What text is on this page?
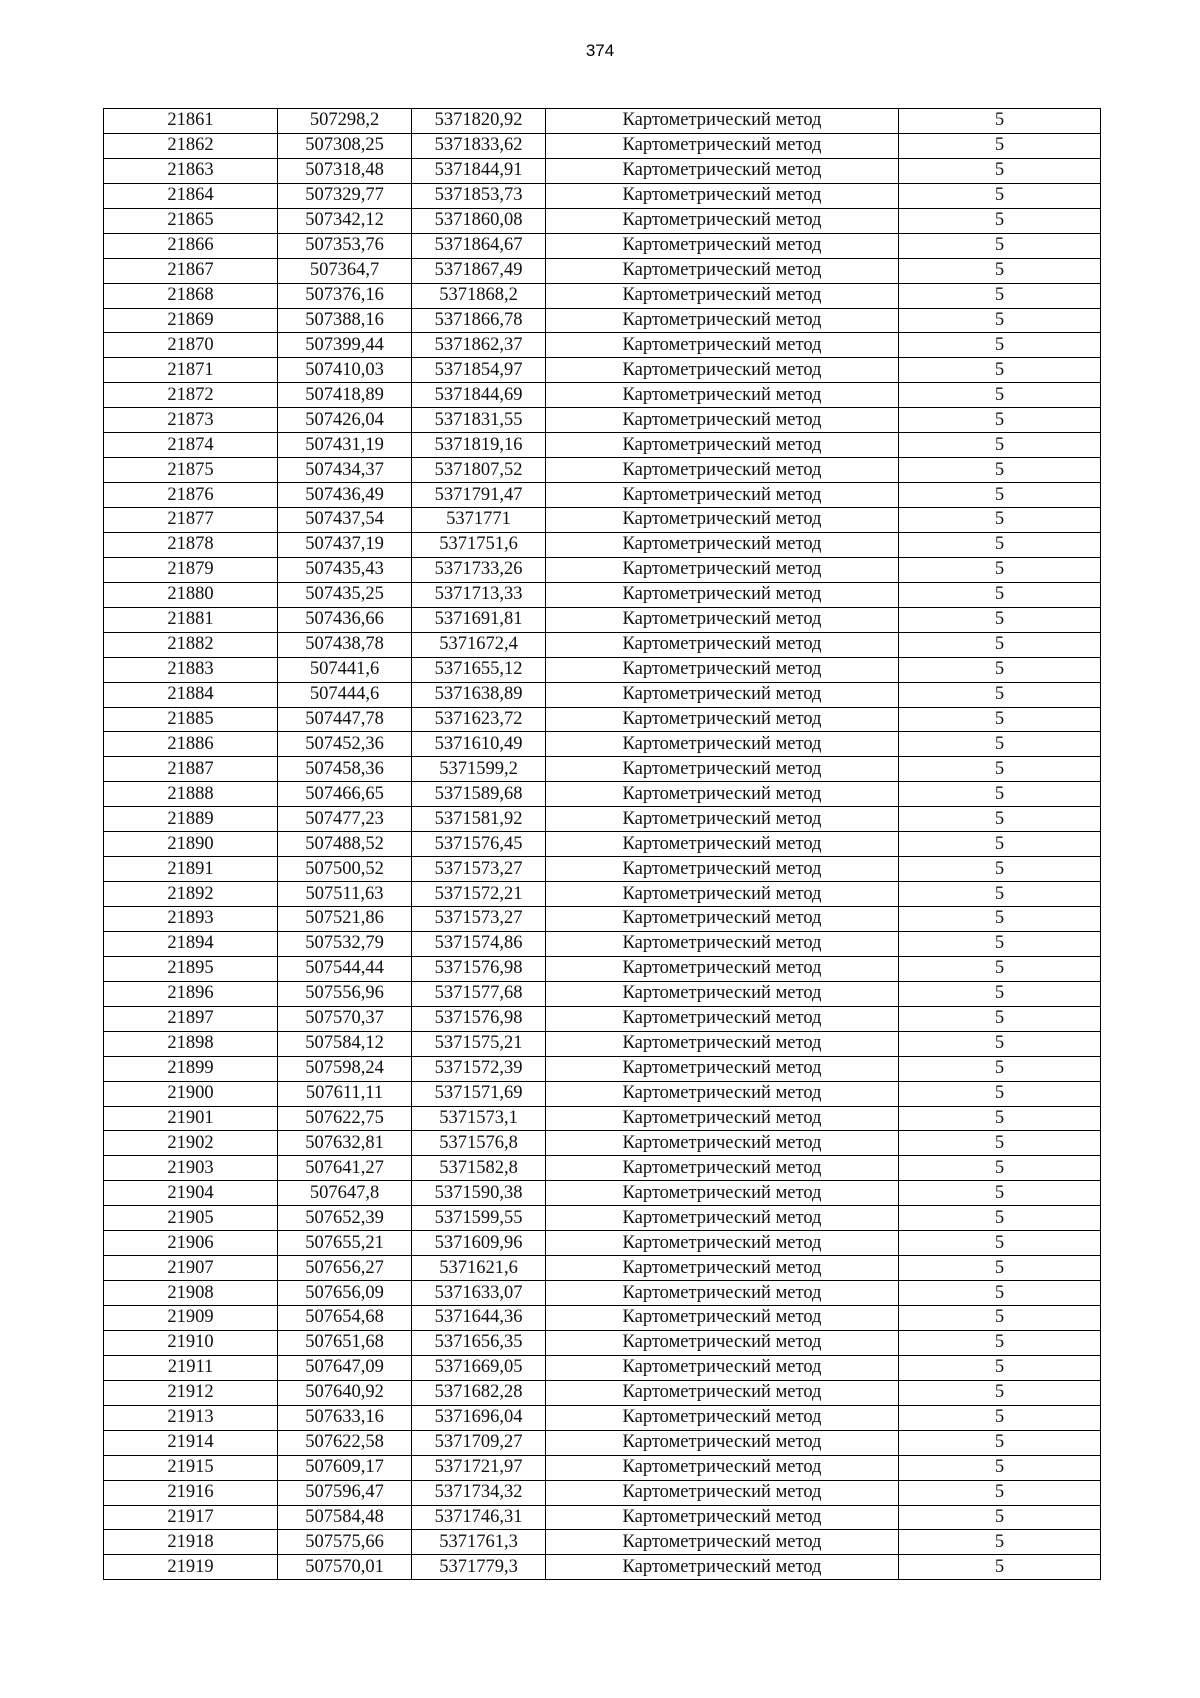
374
21861	507298,2	5371820,92	Картометрический метод	5
21862	507308,25	5371833,62	Картометрический метод	5
21863	507318,48	5371844,91	Картометрический метод	5
21864	507329,77	5371853,73	Картометрический метод	5
21865	507342,12	5371860,08	Картометрический метод	5
21866	507353,76	5371864,67	Картометрический метод	5
21867	507364,7	5371867,49	Картометрический метод	5
21868	507376,16	5371868,2	Картометрический метод	5
21869	507388,16	5371866,78	Картометрический метод	5
21870	507399,44	5371862,37	Картометрический метод	5
21871	507410,03	5371854,97	Картометрический метод	5
21872	507418,89	5371844,69	Картометрический метод	5
21873	507426,04	5371831,55	Картометрический метод	5
21874	507431,19	5371819,16	Картометрический метод	5
21875	507434,37	5371807,52	Картометрический метод	5
21876	507436,49	5371791,47	Картометрический метод	5
21877	507437,54	5371771	Картометрический метод	5
21878	507437,19	5371751,6	Картометрический метод	5
21879	507435,43	5371733,26	Картометрический метод	5
21880	507435,25	5371713,33	Картометрический метод	5
21881	507436,66	5371691,81	Картометрический метод	5
21882	507438,78	5371672,4	Картометрический метод	5
21883	507441,6	5371655,12	Картометрический метод	5
21884	507444,6	5371638,89	Картометрический метод	5
21885	507447,78	5371623,72	Картометрический метод	5
21886	507452,36	5371610,49	Картометрический метод	5
21887	507458,36	5371599,2	Картометрический метод	5
21888	507466,65	5371589,68	Картометрический метод	5
21889	507477,23	5371581,92	Картометрический метод	5
21890	507488,52	5371576,45	Картометрический метод	5
21891	507500,52	5371573,27	Картометрический метод	5
21892	507511,63	5371572,21	Картометрический метод	5
21893	507521,86	5371573,27	Картометрический метод	5
21894	507532,79	5371574,86	Картометрический метод	5
21895	507544,44	5371576,98	Картометрический метод	5
21896	507556,96	5371577,68	Картометрический метод	5
21897	507570,37	5371576,98	Картометрический метод	5
21898	507584,12	5371575,21	Картометрический метод	5
21899	507598,24	5371572,39	Картометрический метод	5
21900	507611,11	5371571,69	Картометрический метод	5
21901	507622,75	5371573,1	Картометрический метод	5
21902	507632,81	5371576,8	Картометрический метод	5
21903	507641,27	5371582,8	Картометрический метод	5
21904	507647,8	5371590,38	Картометрический метод	5
21905	507652,39	5371599,55	Картометрический метод	5
21906	507655,21	5371609,96	Картометрический метод	5
21907	507656,27	5371621,6	Картометрический метод	5
21908	507656,09	5371633,07	Картометрический метод	5
21909	507654,68	5371644,36	Картометрический метод	5
21910	507651,68	5371656,35	Картометрический метод	5
21911	507647,09	5371669,05	Картометрический метод	5
21912	507640,92	5371682,28	Картометрический метод	5
21913	507633,16	5371696,04	Картометрический метод	5
21914	507622,58	5371709,27	Картометрический метод	5
21915	507609,17	5371721,97	Картометрический метод	5
21916	507596,47	5371734,32	Картометрический метод	5
21917	507584,48	5371746,31	Картометрический метод	5
21918	507575,66	5371761,3	Картометрический метод	5
21919	507570,01	5371779,3	Картометрический метод	5
